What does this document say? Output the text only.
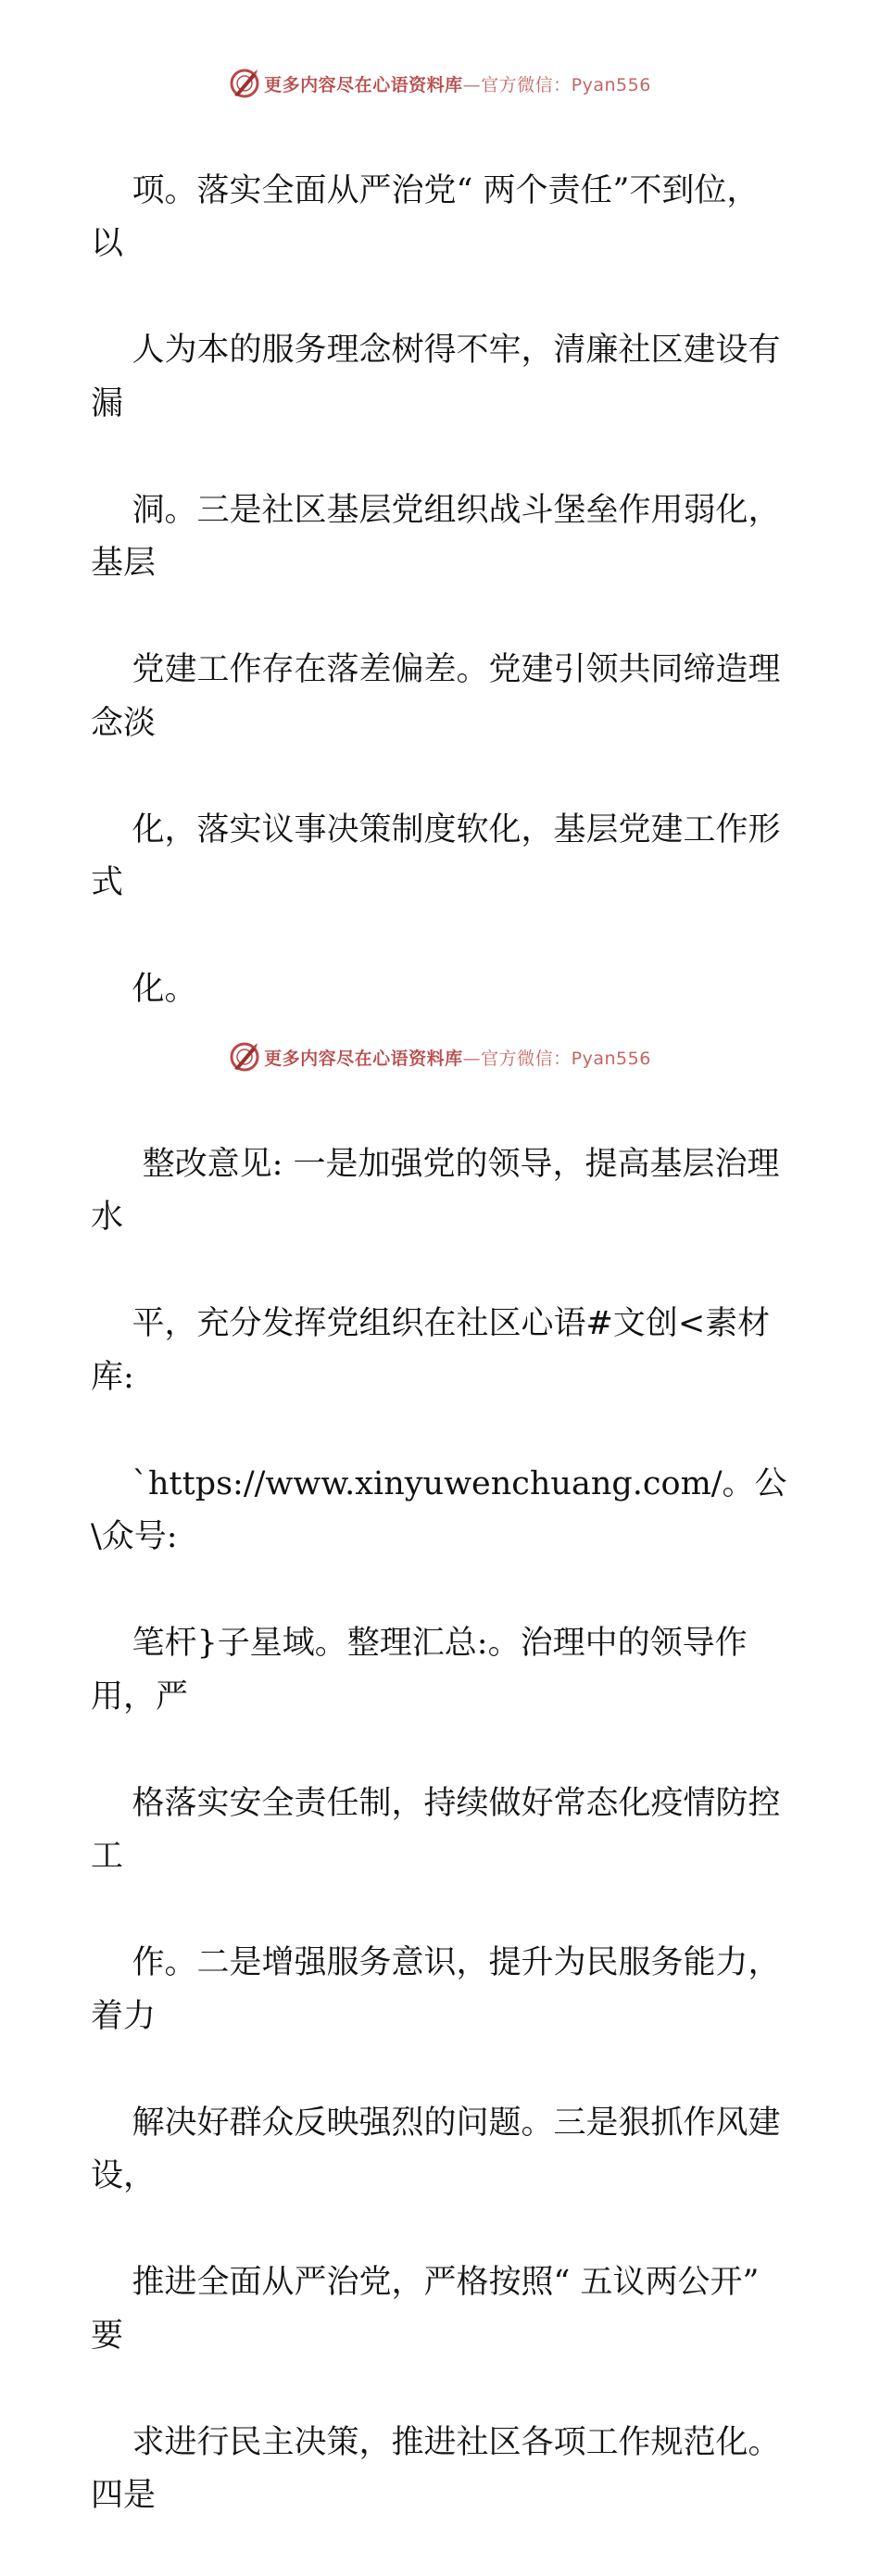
更多内容尽在心语资料库—官方微信：Pyan556

项。落实全面从严治党“ 两个责任”不到位，以

人为本的服务理念树得不牢，清廉社区建设有漏

洞。三是社区基层党组织战斗堡垒作用弱化，基层

党建工作存在落差偏差。党建引领共同缔造理念淡

化，落实议事决策制度软化，基层党建工作形式

化。

整改意见: 一是加强党的领导，提高基层治理水

平，充分发挥党组织在社区心语#文创<素材库:

`https://www.xinyuwenchuang.com/。公\众号:

笔杆}子星域。整理汇总:。治理中的领导作用，严

格落实安全责任制，持续做好常态化疫情防控工

作。二是增强服务意识，提升为民服务能力，着力

解决好群众反映强烈的问题。三是狠抓作风建设，

推进全面从严治党，严格按照“ 五议两公开” 要

求进行民主决策，推进社区各项工作规范化。四是

更多内容尽在心语资料库—官方微信：Pyan556
